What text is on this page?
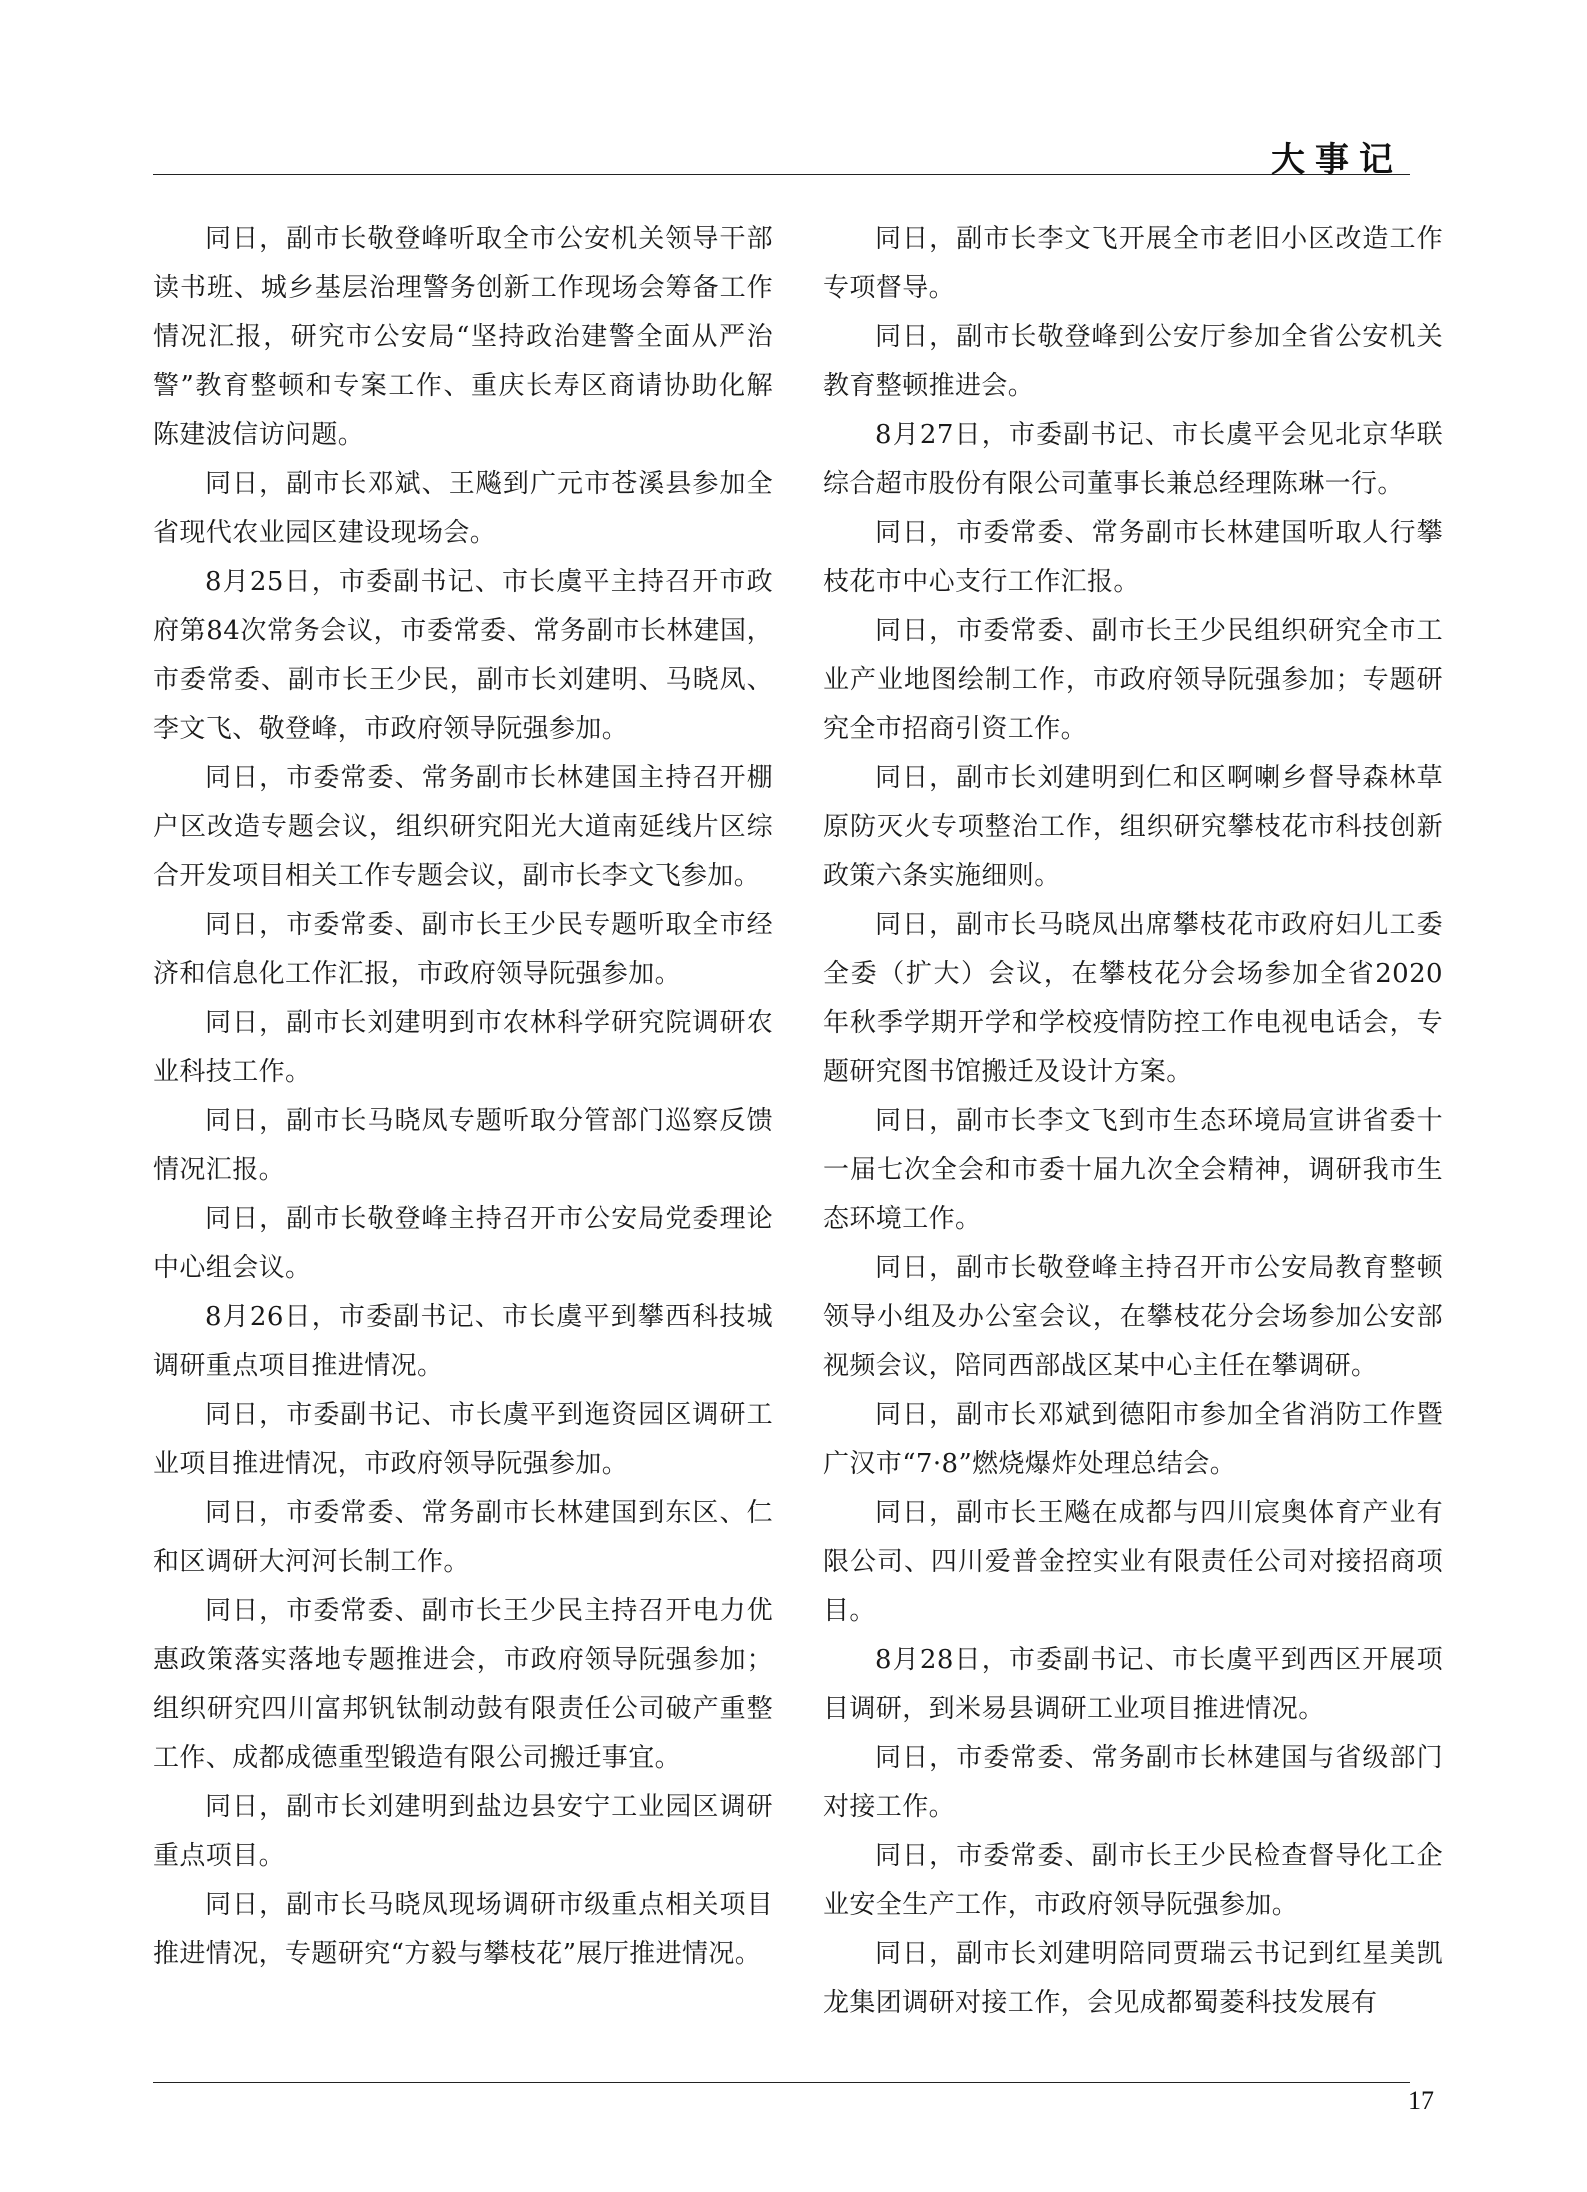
大事记

同日，副市长敬登峰听取全市公安机关领导干部读书班、城乡基层治理警务创新工作现场会筹备工作情况汇报，研究市公安局“坚持政治建警全面从严治警”教育整顿和专案工作、重庆长寿区商请协助化解陈建波信访问题。

同日，副市长邓斌、王飚到广元市苍溪县参加全省现代农业园区建设现场会。

8月25日，市委副书记、市长虞平主持召开市政府第84次常务会议，市委常委、常务副市长林建国，市委常委、副市长王少民，副市长刘建明、马晓凤、李文飞、敬登峰，市政府领导阮强参加。

同日，市委常委、常务副市长林建国主持召开棚户区改造专题会议，组织研究阳光大道南延线片区综合开发项目相关工作专题会议，副市长李文飞参加。

同日，市委常委、副市长王少民专题听取全市经济和信息化工作汇报，市政府领导阮强参加。

同日，副市长刘建明到市农林科学研究院调研农业科技工作。

同日，副市长马晓凤专题听取分管部门巡察反馈情况汇报。

同日，副市长敬登峰主持召开市公安局党委理论中心组会议。

8月26日，市委副书记、市长虞平到攀西科技城调研重点项目推进情况。

同日，市委副书记、市长虞平到迤资园区调研工业项目推进情况，市政府领导阮强参加。

同日，市委常委、常务副市长林建国到东区、仁和区调研大河河长制工作。

同日，市委常委、副市长王少民主持召开电力优惠政策落实落地专题推进会，市政府领导阮强参加；组织研究四川富邦钒钛制动鼓有限责任公司破产重整工作、成都成德重型锻造有限公司搬迁事宜。

同日，副市长刘建明到盐边县安宁工业园区调研重点项目。

同日，副市长马晓凤现场调研市级重点相关项目推进情况，专题研究“方毅与攀枝花”展厅推进情况。

同日，副市长李文飞开展全市老旧小区改造工作专项督导。

同日，副市长敬登峰到公安厅参加全省公安机关教育整顿推进会。

8月27日，市委副书记、市长虞平会见北京华联综合超市股份有限公司董事长兼总经理陈琳一行。

同日，市委常委、常务副市长林建国听取人行攀枝花市中心支行工作汇报。

同日，市委常委、副市长王少民组织研究全市工业产业地图绘制工作，市政府领导阮强参加；专题研究全市招商引资工作。

同日，副市长刘建明到仁和区啊喇乡督导森林草原防灭火专项整治工作，组织研究攀枝花市科技创新政策六条实施细则。

同日，副市长马晓凤出席攀枝花市政府妇儿工委全委（扩大）会议，在攀枝花分会场参加全省2020年秋季学期开学和学校疫情防控工作电视电话会，专题研究图书馆搬迁及设计方案。

同日，副市长李文飞到市生态环境局宣讲省委十一届七次全会和市委十届九次全会精神，调研我市生态环境工作。

同日，副市长敬登峰主持召开市公安局教育整顿领导小组及办公室会议，在攀枝花分会场参加公安部视频会议，陪同西部战区某中心主任在攀调研。

同日，副市长邓斌到德阳市参加全省消防工作暨广汉市“7·8”燃烧爆炸处理总结会。

同日，副市长王飚在成都与四川宸奥体育产业有限公司、四川爱普金控实业有限责任公司对接招商项目。

8月28日，市委副书记、市长虞平到西区开展项目调研，到米易县调研工业项目推进情况。

同日，市委常委、常务副市长林建国与省级部门对接工作。

同日，市委常委、副市长王少民检查督导化工企业安全生产工作，市政府领导阮强参加。

同日，副市长刘建明陪同贾瑞云书记到红星美凯龙集团调研对接工作，会见成都蜀菱科技发展有

17
